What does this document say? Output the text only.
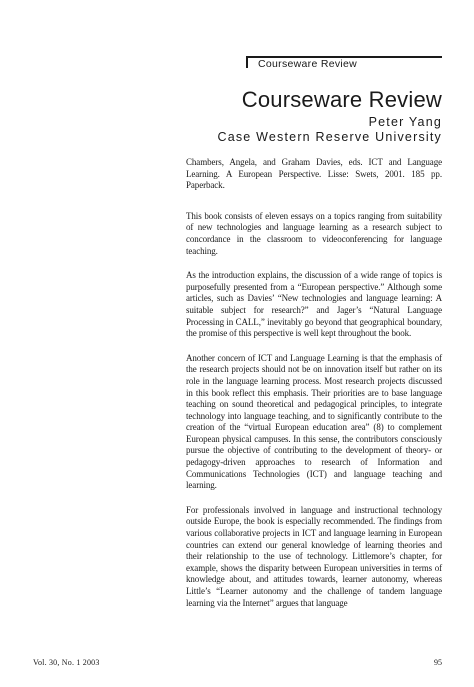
Courseware Review
Courseware Review
Peter Yang
Case Western Reserve University

Chambers, Angela, and Graham Davies, eds. ICT and Language Learning. A European Perspective. Lisse: Swets, 2001. 185 pp. Paperback.

This book consists of eleven essays on a topics ranging from suitability of new technologies and language learning as a research subject to concordance in the classroom to videoconferencing for language teaching.

As the introduction explains, the discussion of a wide range of topics is purposefully presented from a “European perspective.” Although some articles, such as Davies’ “New technologies and language learning: A suitable subject for research?” and Jager’s “Natural Language Processing in CALL,” inevitably go beyond that geographical boundary, the promise of this perspective is well kept throughout the book.

Another concern of ICT and Language Learning is that the emphasis of the research projects should not be on innovation itself but rather on its role in the language learning process. Most research projects discussed in this book reflect this emphasis. Their priorities are to base language teaching on sound theoretical and pedagogical principles, to integrate technology into language teaching, and to significantly contribute to the creation of the “virtual European education area” (8) to complement European physical campuses. In this sense, the contributors consciously pursue the objective of contributing to the development of theory- or pedagogy-driven approaches to research of Information and Communications Technologies (ICT) and language teaching and learning.

For professionals involved in language and instructional technology outside Europe, the book is especially recommended. The findings from various collaborative projects in ICT and language learning in European countries can extend our general knowledge of learning theories and their relationship to the use of technology. Littlemore’s chapter, for example, shows the disparity between European universities in terms of knowledge about, and attitudes towards, learner autonomy, whereas Little’s “Learner autonomy and the challenge of tandem language learning via the Internet” argues that language

Vol. 30, No. 1 2003	95
